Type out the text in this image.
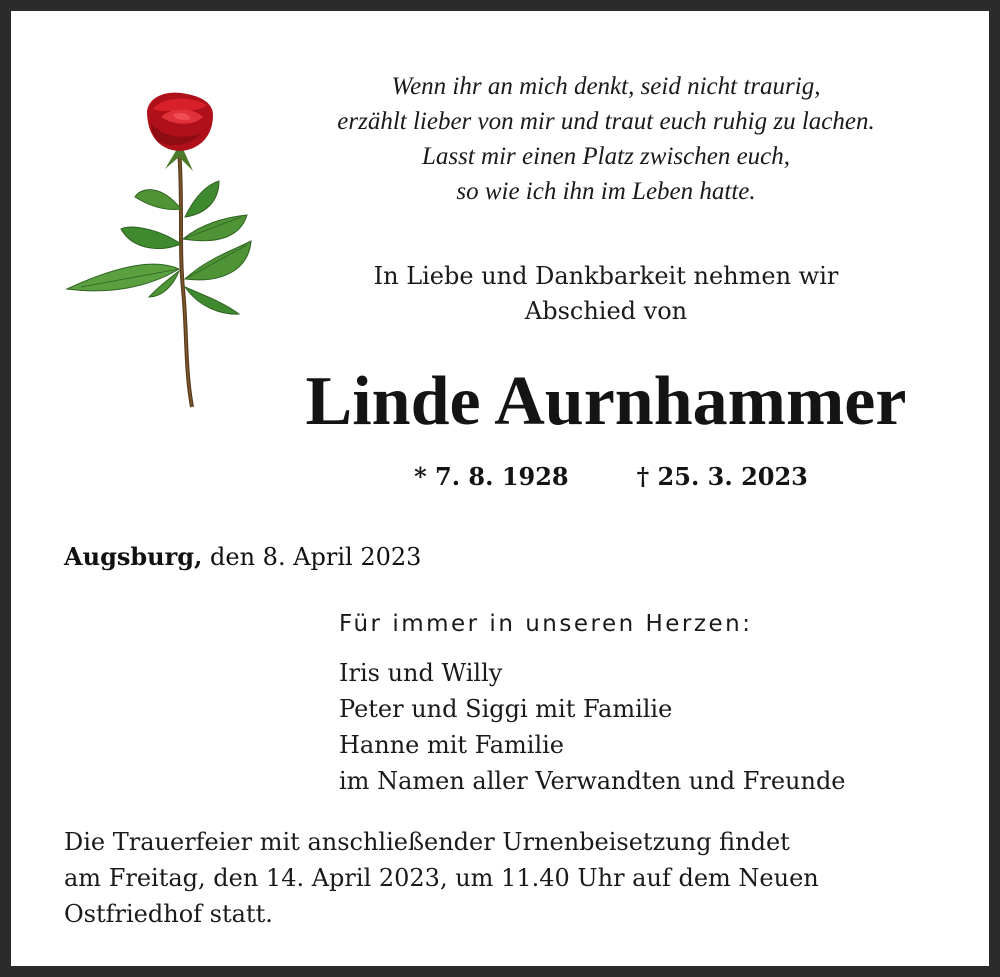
Wenn ihr an mich denkt, seid nicht traurig,
erzählt lieber von mir und traut euch ruhig zu lachen.
Lasst mir einen Platz zwischen euch,
so wie ich ihn im Leben hatte.
In Liebe und Dankbarkeit nehmen wir
Abschied von
Linde Aurnhammer
* 7. 8. 1928	† 25. 3. 2023
Augsburg, den 8. April 2023
Für immer in unseren Herzen:
Iris und Willy
Peter und Siggi mit Familie
Hanne mit Familie
im Namen aller Verwandten und Freunde
Die Trauerfeier mit anschließender Urnenbeisetzung findet
am Freitag, den 14. April 2023, um 11.40 Uhr auf dem Neuen
Ostfriedhof statt.
